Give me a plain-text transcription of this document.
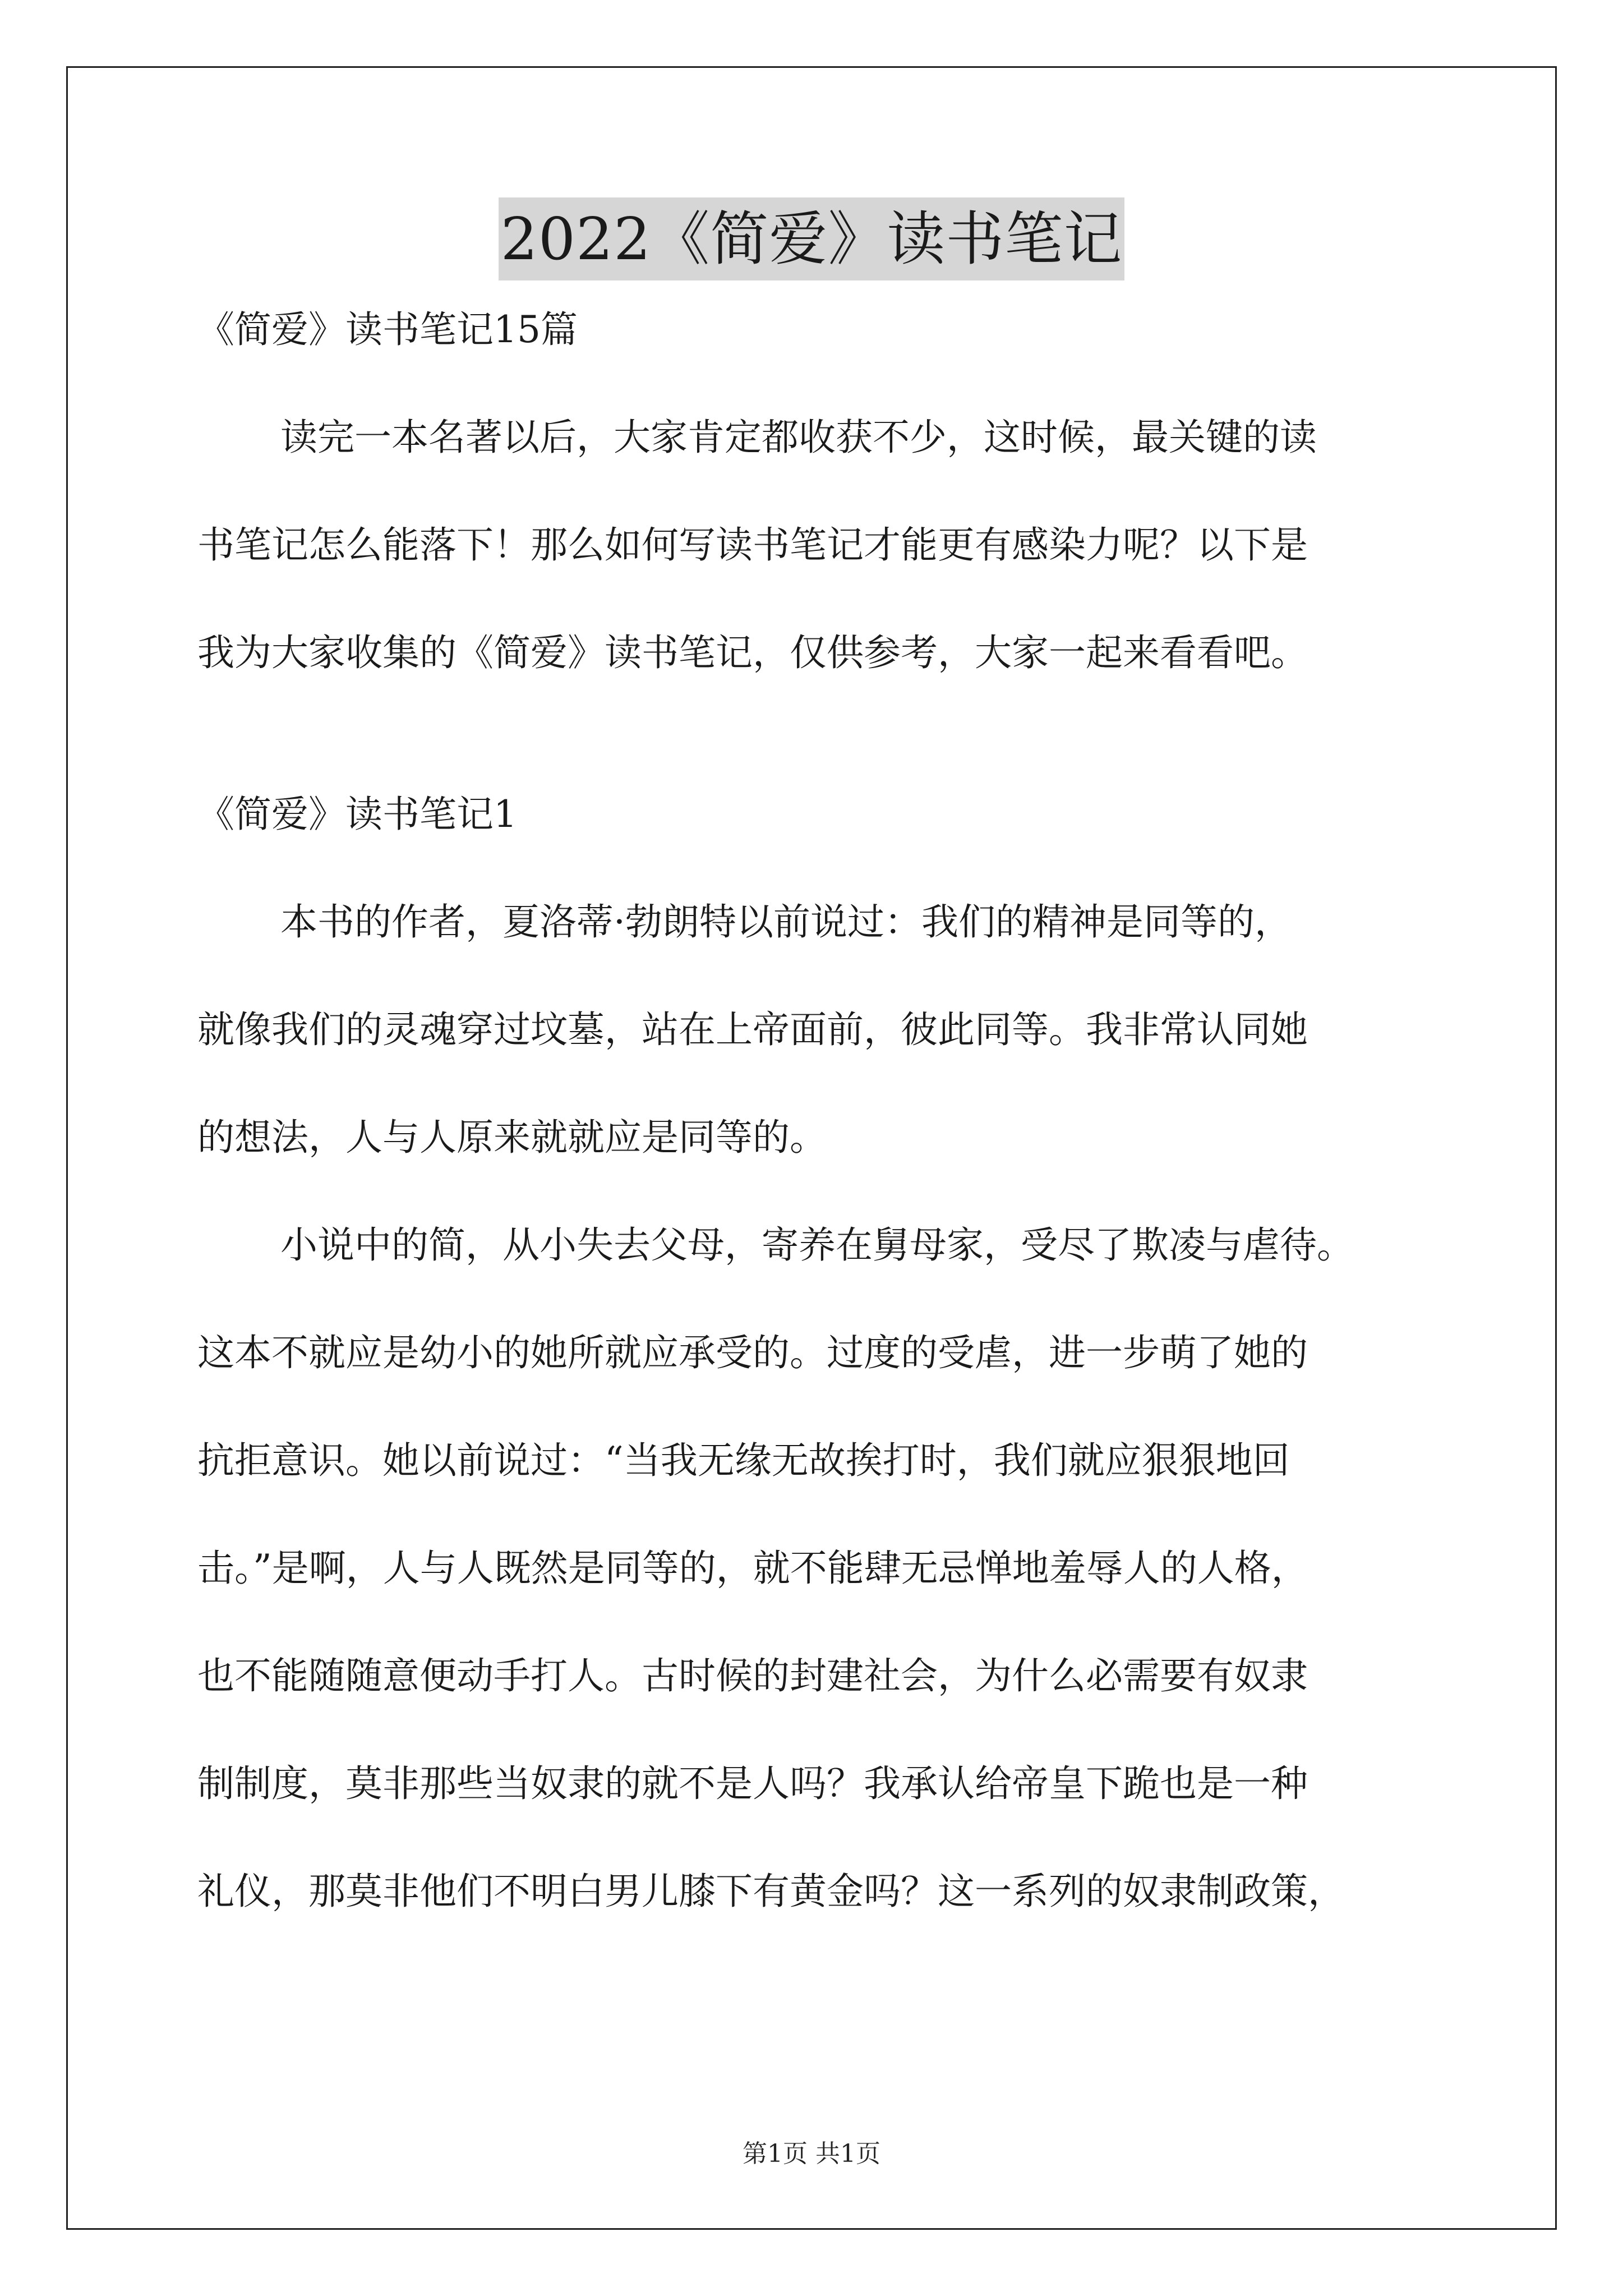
2022《简爱》读书笔记

《简爱》读书笔记15篇

读完一本名著以后，大家肯定都收获不少，这时候，最关键的读
书笔记怎么能落下！那么如何写读书笔记才能更有感染力呢？以下是
我为大家收集的《简爱》读书笔记，仅供参考，大家一起来看看吧。

《简爱》读书笔记1

本书的作者，夏洛蒂·勃朗特以前说过：我们的精神是同等的，
就像我们的灵魂穿过坟墓，站在上帝面前，彼此同等。我非常认同她
的想法，人与人原来就就应是同等的。

小说中的简，从小失去父母，寄养在舅母家，受尽了欺凌与虐待。
这本不就应是幼小的她所就应承受的。过度的受虐，进一步萌了她的
抗拒意识。她以前说过：“当我无缘无故挨打时，我们就应狠狠地回
击。”是啊，人与人既然是同等的，就不能肆无忌惮地羞辱人的人格，
也不能随随意便动手打人。古时候的封建社会，为什么必需要有奴隶
制制度，莫非那些当奴隶的就不是人吗？我承认给帝皇下跪也是一种
礼仪，那莫非他们不明白男儿膝下有黄金吗？这一系列的奴隶制政策，

第1页 共1页
